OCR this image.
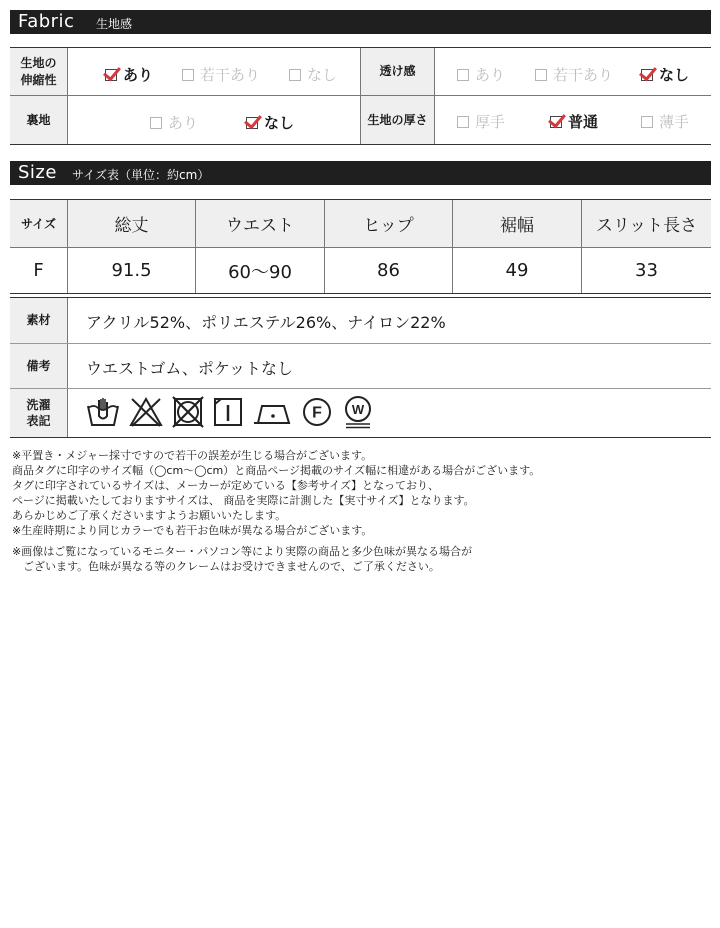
Fabric 生地感
生地の
伸縮性	あり	若干あり	なし	透け感	あり	若干あり	なし
裏地	あり	なし	生地の厚さ	厚手	普通	薄手
Size サイズ表（単位：約cm）
サイズ	総丈	ウエスト	ヒップ	裾幅	スリット長さ
F	91.5	60〜90	86	49	33
素材	アクリル52%、ポリエステル26%、ナイロン22%
備考	ウエストゴム、ポケットなし
洗濯
表記	F W
※平置き・メジャー採寸ですので若干の誤差が生じる場合がございます。
商品タグに印字のサイズ幅（◯cm〜◯cm）と商品ページ掲載のサイズ幅に相違がある場合がございます。
タグに印字されているサイズは、メーカーが定めている【参考サイズ】となっており、
ページに掲載いたしておりますサイズは、 商品を実際に計測した【実寸サイズ】となります。
あらかじめご了承くださいますようお願いいたします。
※生産時期により同じカラーでも若干お色味が異なる場合がございます。
※画像はご覧になっているモニター・パソコン等により実際の商品と多少色味が異なる場合が
　ございます。色味が異なる等のクレームはお受けできませんので、ご了承ください。
